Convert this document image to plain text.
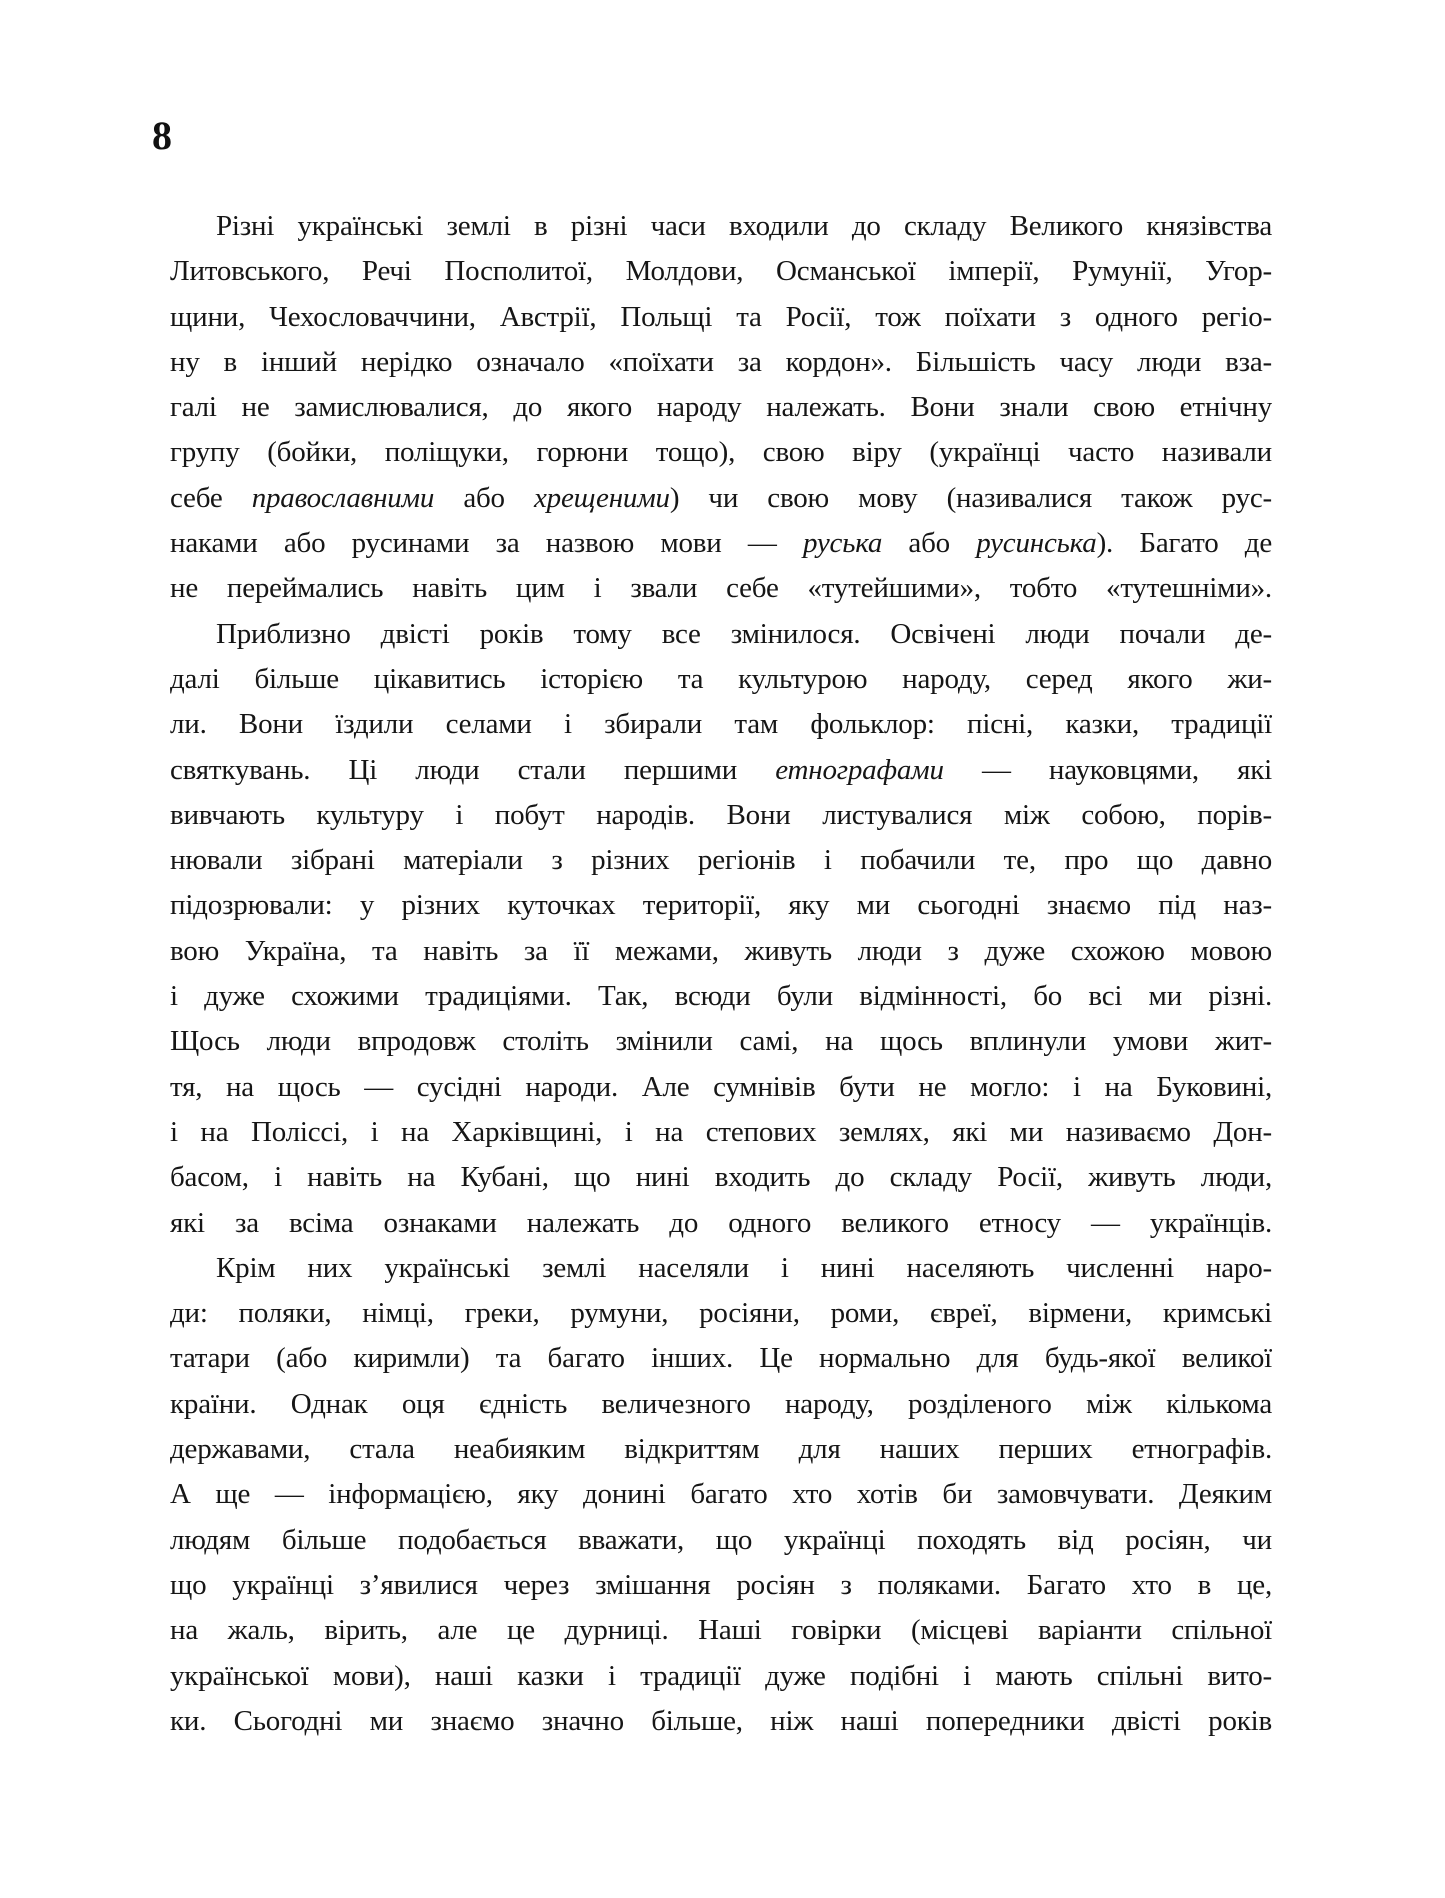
8
Різні українські землі в різні часи входили до складу Великого князівства
Литовського, Речі Посполитої, Молдови, Османської імперії, Румунії, Угор-
щини, Чехословаччини, Австрії, Польщі та Росії, тож поїхати з одного регіо-
ну в інший нерідко означало «поїхати за кордон». Більшість часу люди вза-
галі не замислювалися, до якого народу належать. Вони знали свою етнічну
групу (бойки, поліщуки, горюни тощо), свою віру (українці часто називали
себе православними або хрещеними) чи свою мову (називалися також рус-
наками або русинами за назвою мови — руська або русинська). Багато де
не переймались навіть цим і звали себе «тутейшими», тобто «тутешніми».
Приблизно двісті років тому все змінилося. Освічені люди почали де-
далі більше цікавитись історією та культурою народу, серед якого жи-
ли. Вони їздили селами і збирали там фольклор: пісні, казки, традиції
святкувань. Ці люди стали першими етнографами — науковцями, які
вивчають культуру і побут народів. Вони листувалися між собою, порів-
нювали зібрані матеріали з різних регіонів і побачили те, про що давно
підозрювали: у різних куточках території, яку ми сьогодні знаємо під наз-
вою Україна, та навіть за її межами, живуть люди з дуже схожою мовою
і дуже схожими традиціями. Так, всюди були відмінності, бо всі ми різні.
Щось люди впродовж століть змінили самі, на щось вплинули умови жит-
тя, на щось — сусідні народи. Але сумнівів бути не могло: і на Буковині,
і на Поліссі, і на Харківщині, і на степових землях, які ми називаємо Дон-
басом, і навіть на Кубані, що нині входить до складу Росії, живуть люди,
які за всіма ознаками належать до одного великого етносу — українців.
Крім них українські землі населяли і нині населяють численні наро-
ди: поляки, німці, греки, румуни, росіяни, роми, євреї, вірмени, кримські
татари (або киримли) та багато інших. Це нормально для будь-якої великої
країни. Однак оця єдність величезного народу, розділеного між кількома
державами, стала неабияким відкриттям для наших перших етнографів.
А ще — інформацією, яку донині багато хто хотів би замовчувати. Деяким
людям більше подобається вважати, що українці походять від росіян, чи
що українці з’явилися через змішання росіян з поляками. Багато хто в це,
на жаль, вірить, але це дурниці. Наші говірки (місцеві варіанти спільної
української мови), наші казки і традиції дуже подібні і мають спільні вито-
ки. Сьогодні ми знаємо значно більше, ніж наші попередники двісті років
